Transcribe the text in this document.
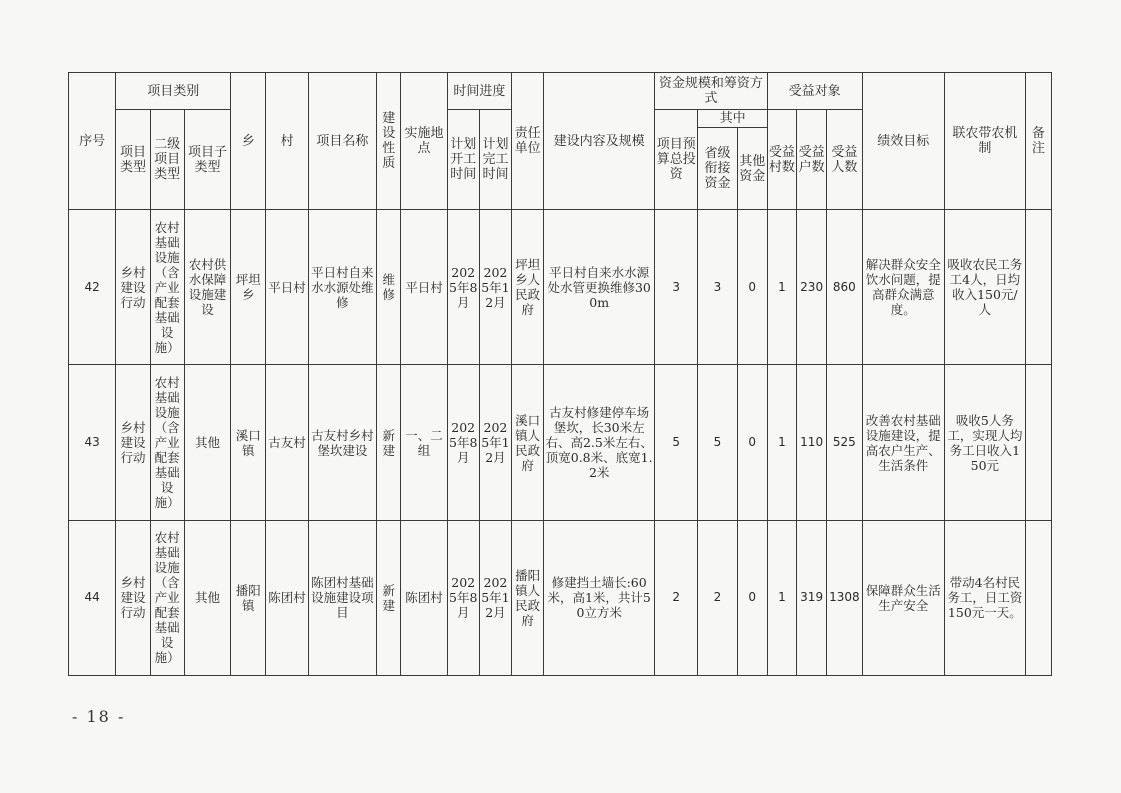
序号	项目类别			乡	村	项目名称	建设性质	实施地点	时间进度		责任单位	建设内容及规模	资金规模和筹资方式			受益对象			绩效目标	联农带农机制	备注
	项目类型	二级项目类型	项目子类型						计划开工时间	计划完工时间			项目预算总投资	其中		受益村数	受益户数	受益人数			
														省级衔接资金	其他资金						
42	乡村建设行动	农村基础设施（含产业配套基础设施）	农村供水保障设施建设	坪坦乡	平日村	平日村自来水水源处维修	维修	平日村	2025年8月	2025年12月	坪坦乡人民政府	平日村自来水水源处水管更换维修300m	3	3	0	1	230	860	解决群众安全饮水问题，提高群众满意度。	吸收农民工务工4人，日均收入150元/人	
43	乡村建设行动	农村基础设施（含产业配套基础设施）	其他	溪口镇	古友村	古友村乡村堡坎建设	新建	一、二组	2025年8月	2025年12月	溪口镇人民政府	古友村修建停车场堡坎，长30米左右、高2.5米左右、顶宽0.8米、底宽1.2米	5	5	0	1	110	525	改善农村基础设施建设，提高农户生产、生活条件	吸收5人务工，实现人均务工日收入150元	
44	乡村建设行动	农村基础设施（含产业配套基础设施）	其他	播阳镇	陈团村	陈团村基础设施建设项目	新建	陈团村	2025年8月	2025年12月	播阳镇人民政府	修建挡土墙长:60米，高1米，共计50立方米	2	2	0	1	319	1308	保障群众生活生产安全	带动4名村民务工，日工资150元一天。	
- 18 -
